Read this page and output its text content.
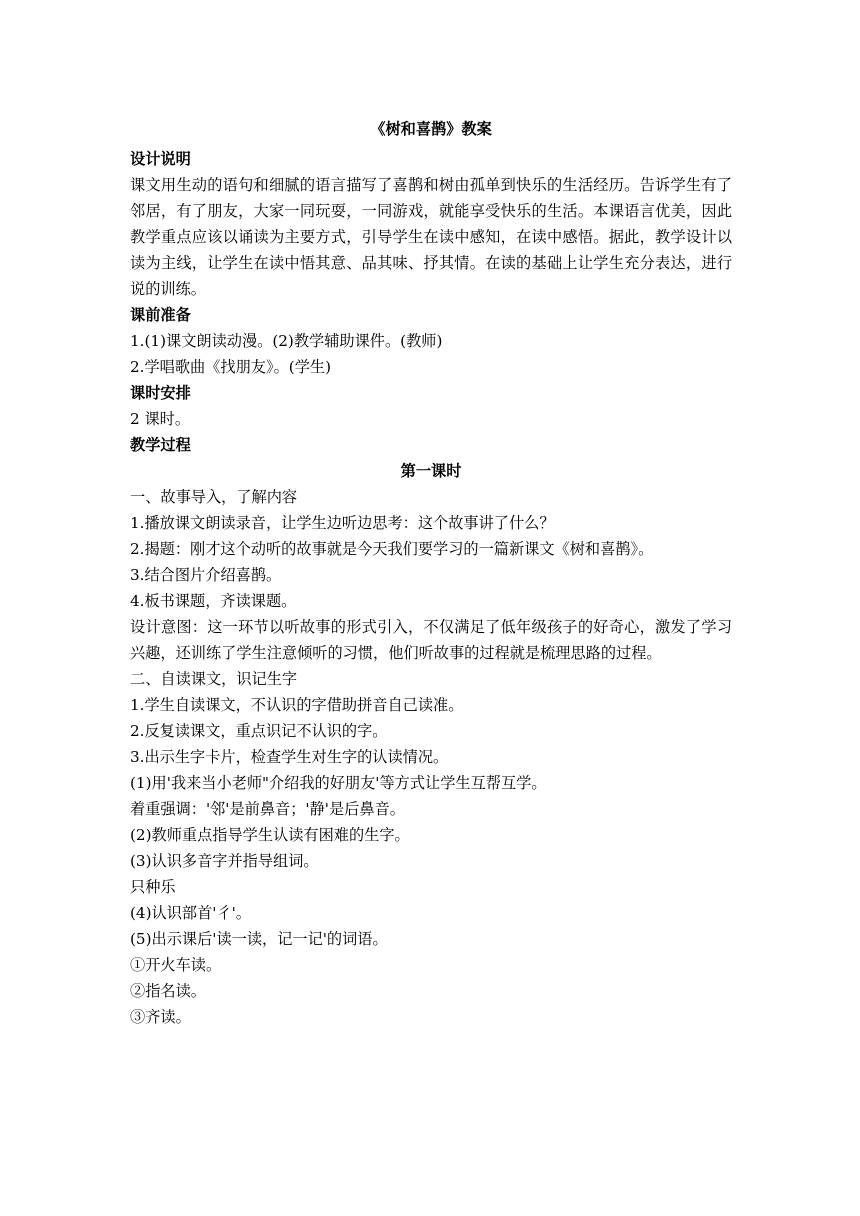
《树和喜鹊》教案

设计说明

课文用生动的语句和细腻的语言描写了喜鹊和树由孤单到快乐的生活经历。告诉学生有了邻居，有了朋友，大家一同玩耍，一同游戏，就能享受快乐的生活。本课语言优美，因此教学重点应该以诵读为主要方式，引导学生在读中感知，在读中感悟。据此，教学设计以读为主线，让学生在读中悟其意、品其味、抒其情。在读的基础上让学生充分表达，进行说的训练。

课前准备

1.(1)课文朗读动漫。(2)教学辅助课件。(教师)

2.学唱歌曲《找朋友》。(学生)

课时安排

2 课时。

教学过程

第一课时

一、故事导入，了解内容

1.播放课文朗读录音，让学生边听边思考：这个故事讲了什么？

2.揭题：刚才这个动听的故事就是今天我们要学习的一篇新课文《树和喜鹊》。

3.结合图片介绍喜鹊。

4.板书课题，齐读课题。

设计意图：这一环节以听故事的形式引入，不仅满足了低年级孩子的好奇心，激发了学习兴趣，还训练了学生注意倾听的习惯，他们听故事的过程就是梳理思路的过程。

二、自读课文，识记生字

1.学生自读课文，不认识的字借助拼音自己读准。

2.反复读课文，重点识记不认识的字。

3.出示生字卡片，检查学生对生字的认读情况。

(1)用'我来当小老师"介绍我的好朋友'等方式让学生互帮互学。

着重强调：'邻'是前鼻音；'静'是后鼻音。

(2)教师重点指导学生认读有困难的生字。

(3)认识多音字并指导组词。

只种乐

(4)认识部首'彳'。

(5)出示课后'读一读，记一记'的词语。

①开火车读。

②指名读。

③齐读。
